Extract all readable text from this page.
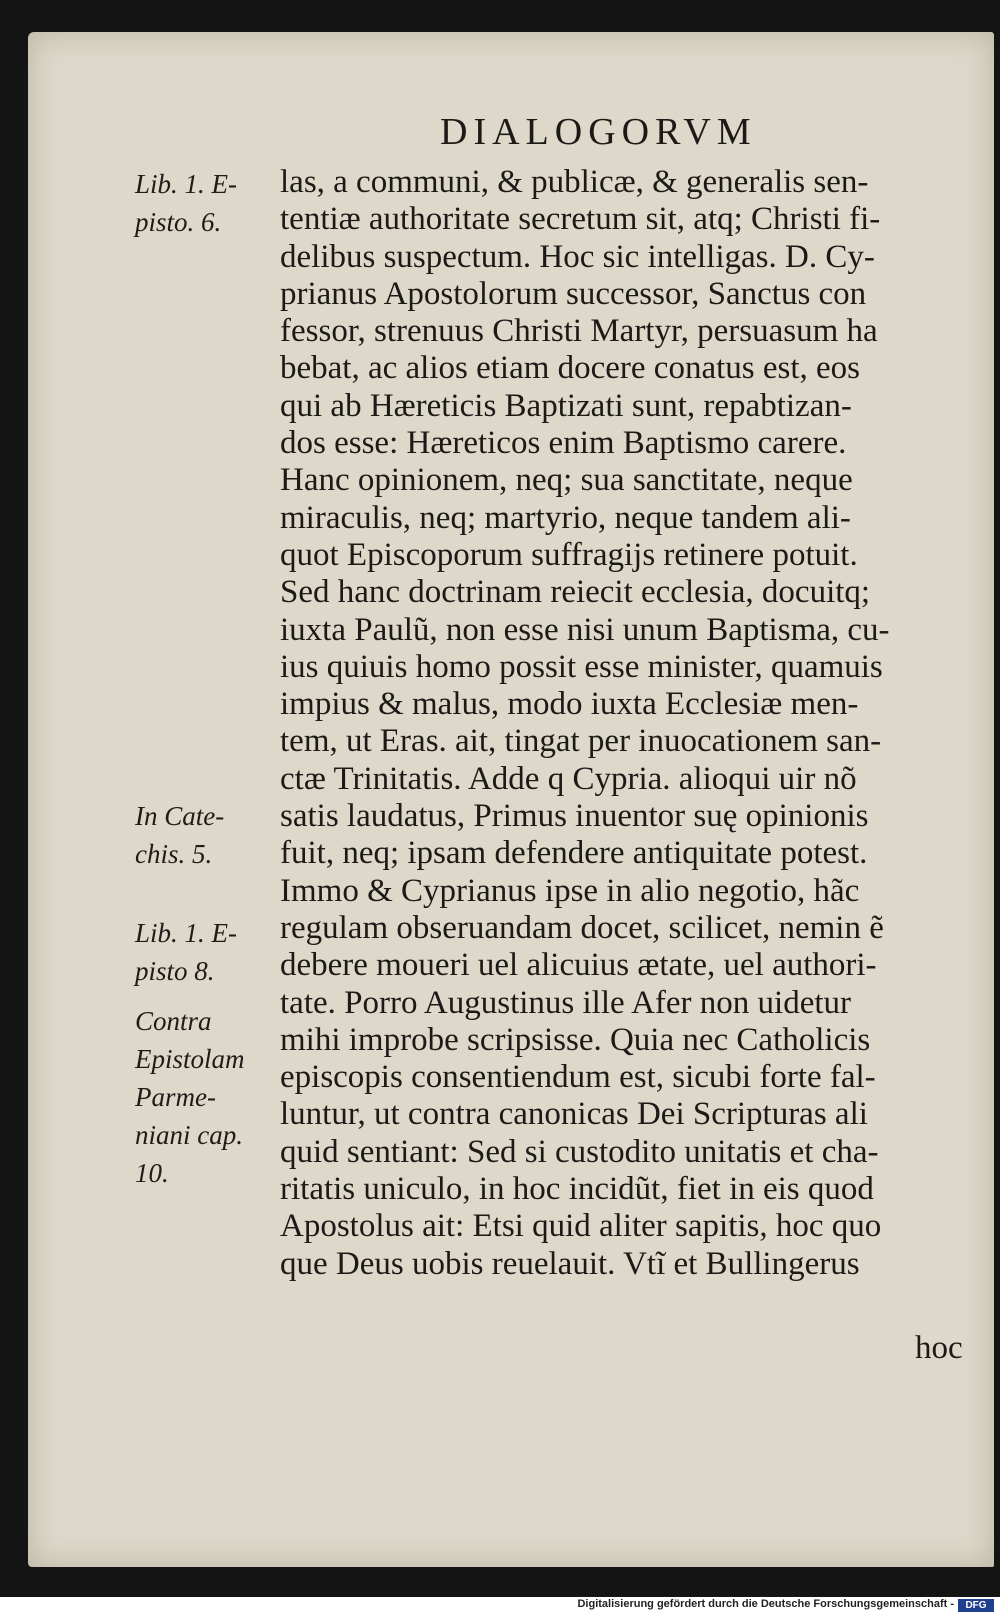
DIALOGORVM
Lib. 1. E-
pisto. 6.
In Cate-
chis. 5.
Lib. 1. E-
pisto 8.
Contra
Epistolam
Parme-
niani cap.
10.
las, a communi, & publicæ, & generalis sen-
tentiæ authoritate secretum sit, atq; Christi fi-
delibus suspectum. Hoc sic intelligas. D. Cy-
prianus Apostolorum successor, Sanctus con
fessor, strenuus Christi Martyr, persuasum ha
bebat, ac alios etiam docere conatus est, eos
qui ab Hæreticis Baptizati sunt, repabtizan-
dos esse: Hæreticos enim Baptismo carere.
Hanc opinionem, neq; sua sanctitate, neque
miraculis, neq; martyrio, neque tandem ali-
quot Episcoporum suffragijs retinere potuit.
Sed hanc doctrinam reiecit ecclesia, docuitq;
iuxta Paulũ, non esse nisi unum Baptisma, cu-
ius quiuis homo possit esse minister, quamuis
impius & malus, modo iuxta Ecclesiæ men-
tem, ut Eras. ait, tingat per inuocationem san-
ctæ Trinitatis. Adde q Cypria. alioqui uir nõ
satis laudatus, Primus inuentor suę opinionis
fuit, neq; ipsam defendere antiquitate potest.
Immo & Cyprianus ipse in alio negotio, hãc
regulam obseruandam docet, scilicet, nemin ẽ
debere moueri uel alicuius ætate, uel authori-
tate. Porro Augustinus ille Afer non uidetur
mihi improbe scripsisse. Quia nec Catholicis
episcopis consentiendum est, sicubi forte fal-
luntur, ut contra canonicas Dei Scripturas ali
quid sentiant: Sed si custodito unitatis et cha-
ritatis uniculo, in hoc incidũt, fiet in eis quod
Apostolus ait: Etsi quid aliter sapitis, hoc quo
que Deus uobis reuelauit. Vtĩ et Bullingerus
hoc
Digitalisierung gefördert durch die Deutsche Forschungsgemeinschaft -	DFG
